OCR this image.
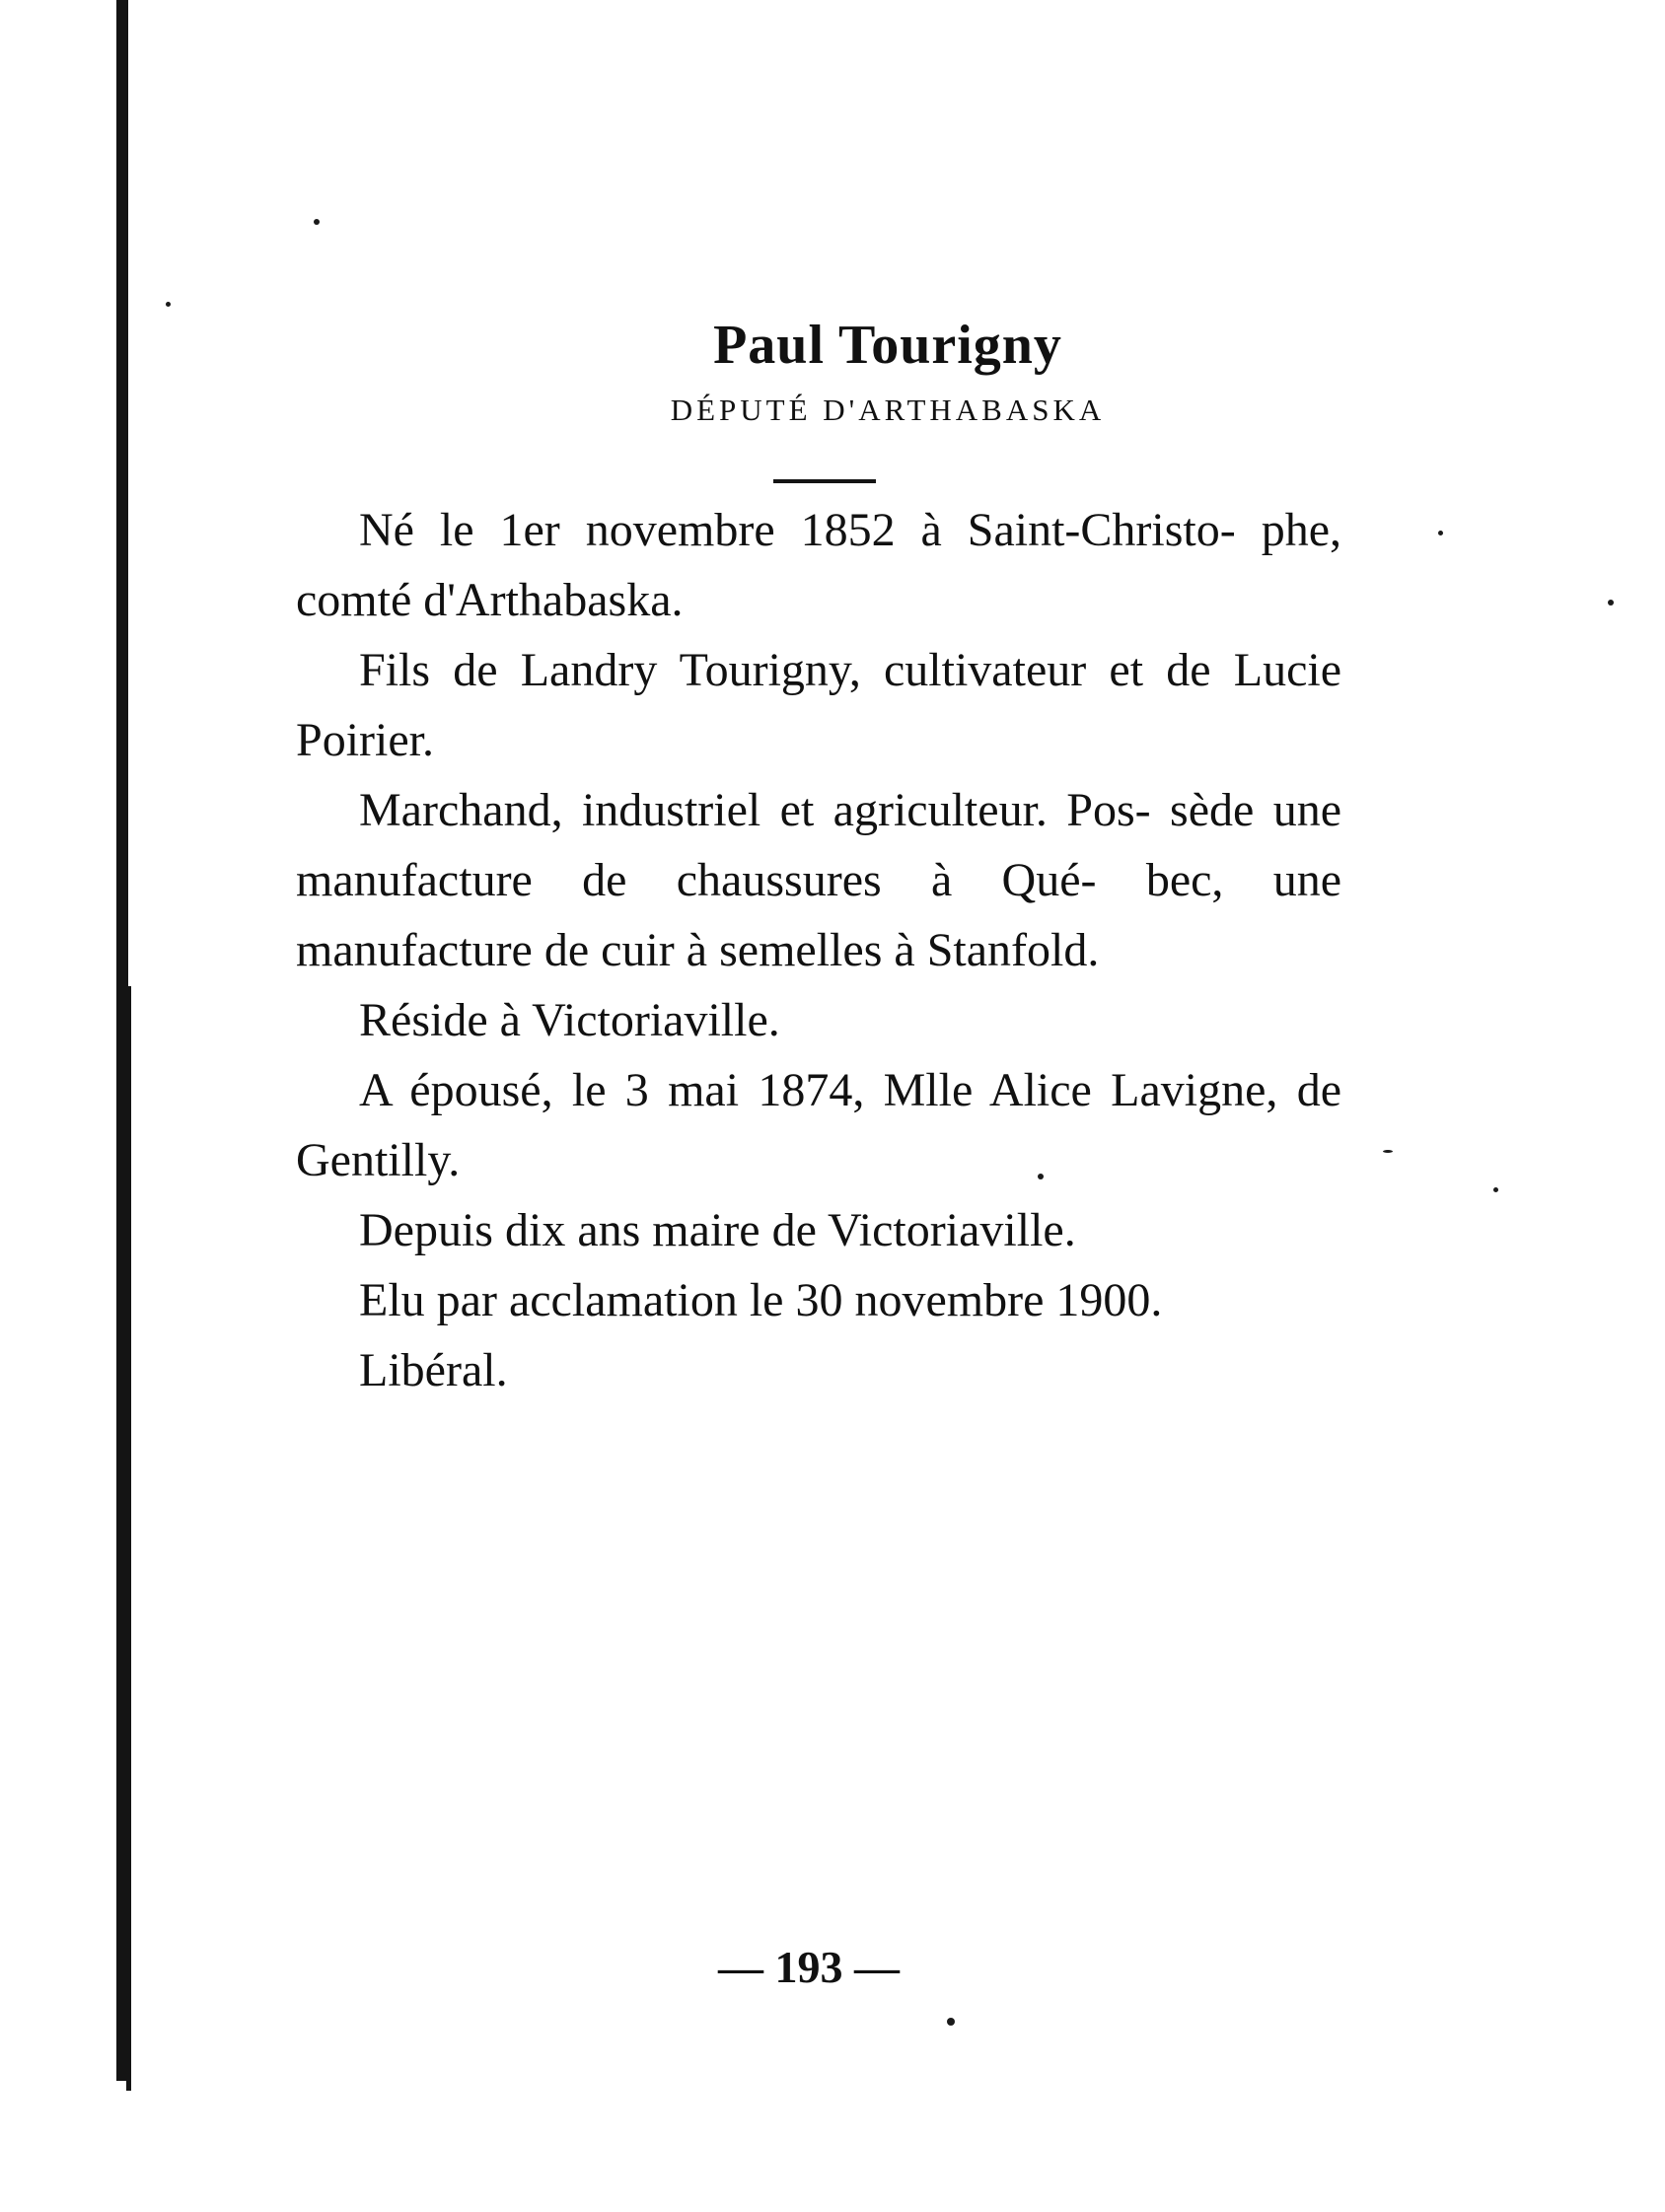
Paul Tourigny
DÉPUTÉ D'ARTHABASKA

Né le 1er novembre 1852 à Saint-Christo- phe, comté d'Arthabaska.

Fils de Landry Tourigny, cultivateur et de Lucie Poirier.

Marchand, industriel et agriculteur. Pos- sède une manufacture de chaussures à Qué- bec, une manufacture de cuir à semelles à Stanfold.

Réside à Victoriaville.

A épousé, le 3 mai 1874, Mlle Alice Lavigne, de Gentilly.

Depuis dix ans maire de Victoriaville.

Elu par acclamation le 30 novembre 1900.

Libéral.

— 193 —
